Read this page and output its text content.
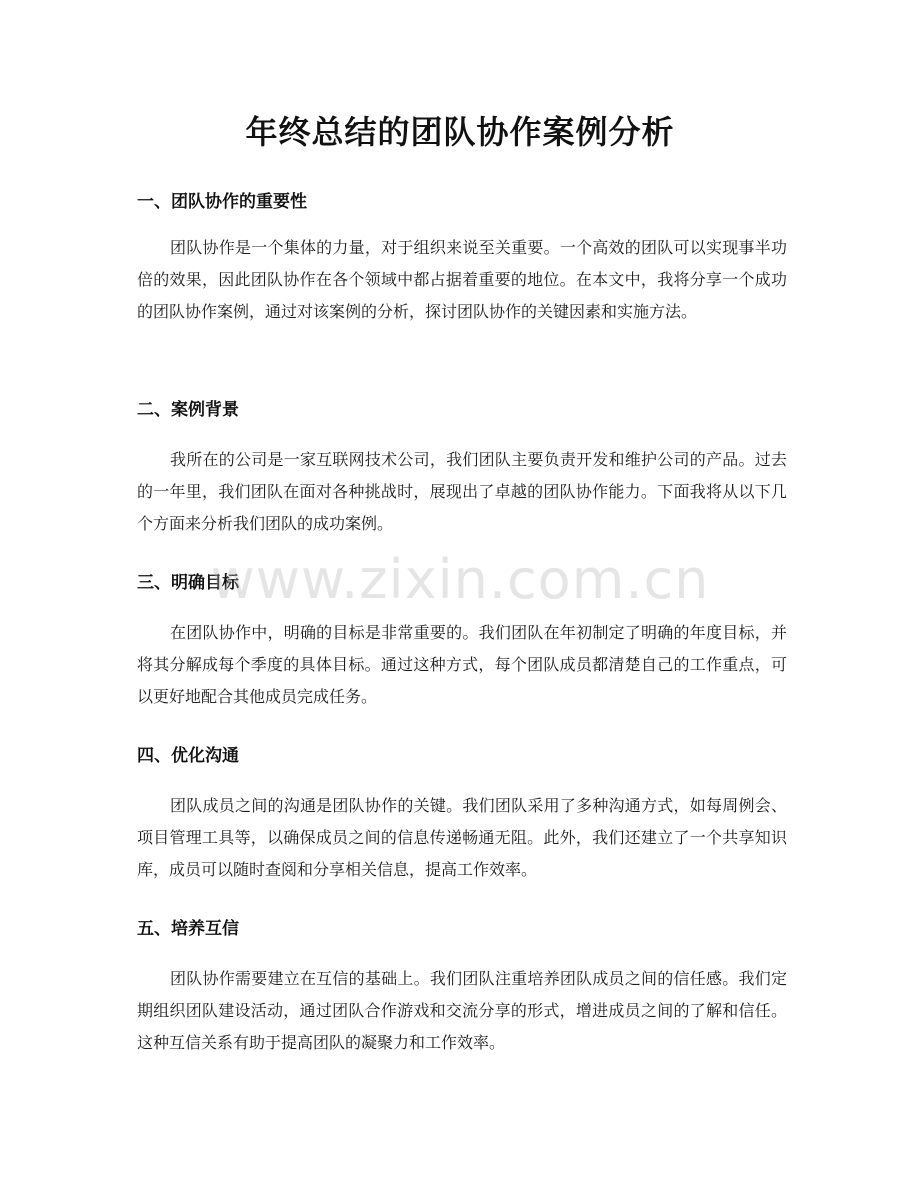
年终总结的团队协作案例分析
一、团队协作的重要性

团队协作是一个集体的力量，对于组织来说至关重要。一个高效的团队可以实现事半功倍的效果，因此团队协作在各个领域中都占据着重要的地位。在本文中，我将分享一个成功的团队协作案例，通过对该案例的分析，探讨团队协作的关键因素和实施方法。

二、案例背景

我所在的公司是一家互联网技术公司，我们团队主要负责开发和维护公司的产品。过去的一年里，我们团队在面对各种挑战时，展现出了卓越的团队协作能力。下面我将从以下几个方面来分析我们团队的成功案例。

三、明确目标

在团队协作中，明确的目标是非常重要的。我们团队在年初制定了明确的年度目标，并将其分解成每个季度的具体目标。通过这种方式，每个团队成员都清楚自己的工作重点，可以更好地配合其他成员完成任务。

四、优化沟通

团队成员之间的沟通是团队协作的关键。我们团队采用了多种沟通方式，如每周例会、项目管理工具等，以确保成员之间的信息传递畅通无阻。此外，我们还建立了一个共享知识库，成员可以随时查阅和分享相关信息，提高工作效率。

五、培养互信

团队协作需要建立在互信的基础上。我们团队注重培养团队成员之间的信任感。我们定期组织团队建设活动，通过团队合作游戏和交流分享的形式，增进成员之间的了解和信任。这种互信关系有助于提高团队的凝聚力和工作效率。

www.zixin.com.cn
